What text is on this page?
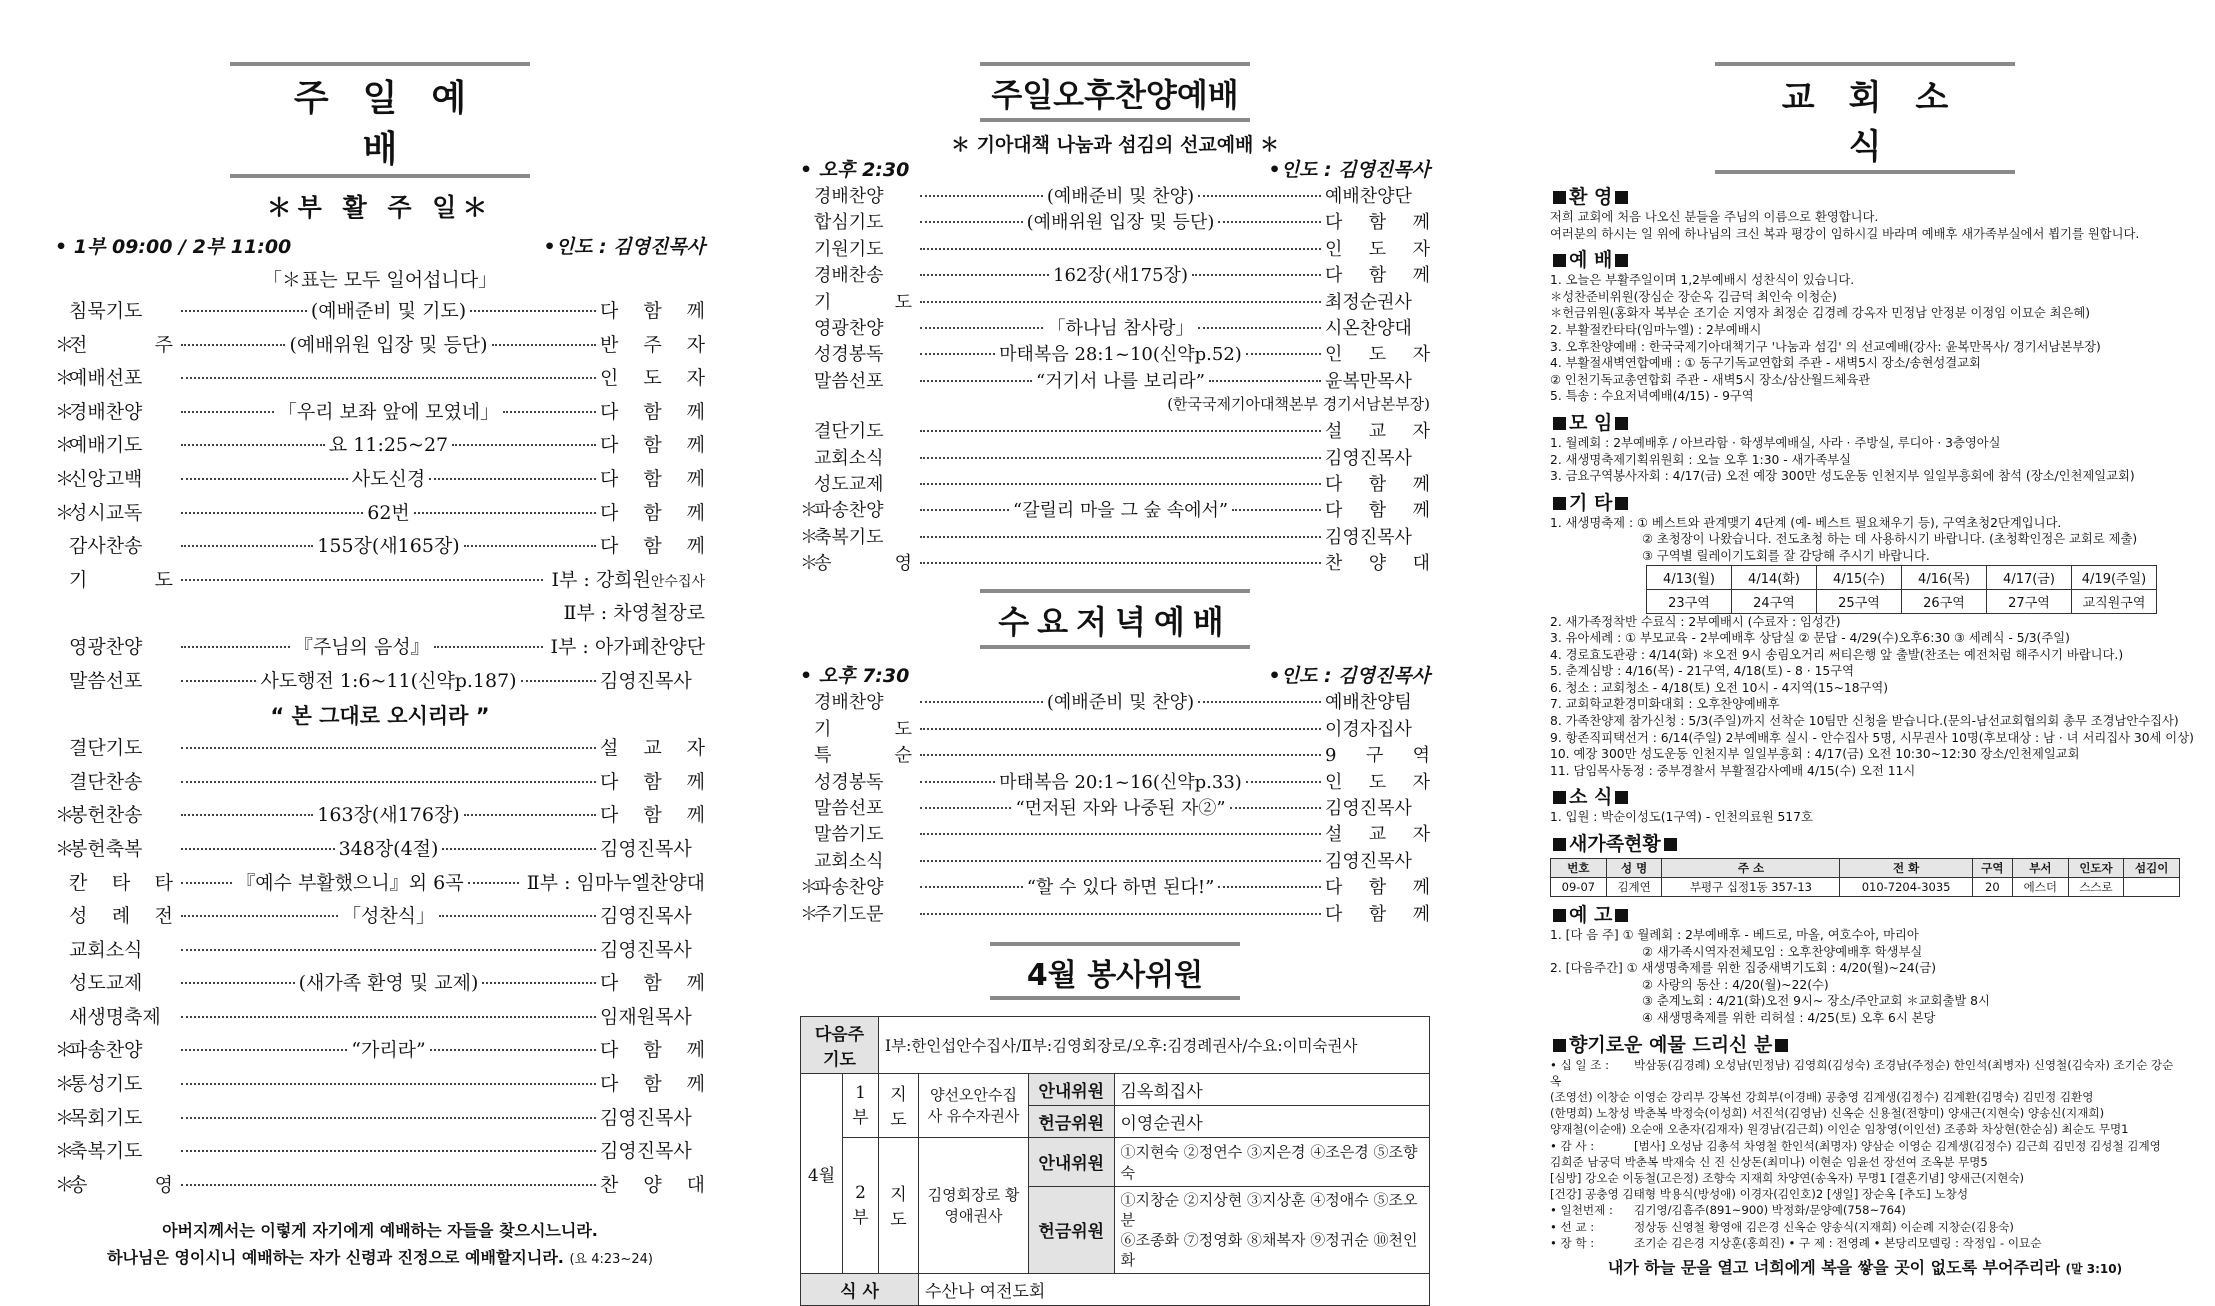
주일예배
＊부 활 주 일＊
• 1부 09:00 / 2부 11:00	•인도 : 김영진목사
「＊표는 모두 일어섭니다」
침묵기도	(예배준비 및 기도)	다 함 께
＊
전 주	(예배위원 입장 및 등단)	반 주 자
＊
예배선포	인 도 자
＊
경배찬양	「우리 보좌 앞에 모였네」	다 함 께
＊
예배기도	요 11:25~27	다 함 께
＊
신앙고백	사도신경	다 함 께
＊
성시교독	62번	다 함 께
감사찬송	155장(새165장)	다 함 께
기 도	Ⅰ부 : 강희원안수집사
Ⅱ부 : 차영철장로
영광찬양	『주님의 음성』	Ⅰ부 : 아가페찬양단
말씀선포	사도행전 1:6~11(신약p.187)	김영진목사
“ 본 그대로 오시리라 ”
결단기도	설 교 자
결단찬송	다 함 께
＊
봉헌찬송	163장(새176장)	다 함 께
＊
봉헌축복	348장(4절)	김영진목사
칸 타 타	『예수 부활했으니』외 6곡	Ⅱ부 : 임마누엘찬양대
성 례 전	「성찬식」	김영진목사
교회소식	김영진목사
성도교제	(새가족 환영 및 교제)	다 함 께
새생명축제	임재원목사
＊
파송찬양	“가리라”	다 함 께
＊
통성기도	다 함 께
＊
목회기도	김영진목사
＊
축복기도	김영진목사
＊
송 영	찬 양 대
아버지께서는 이렇게 자기에게 예배하는 자들을 찾으시느니라.
하나님은 영이시니 예배하는 자가 신령과 진정으로 예배할지니라. (요 4:23~24)
주일오후찬양예배
＊ 기아대책 나눔과 섬김의 선교예배 ＊
• 오후 2:30	•인도 : 김영진목사
경배찬양	(예배준비 및 찬양)	예배찬양단
합심기도	(예배위원 입장 및 등단)	다 함 께
기원기도	인 도 자
경배찬송	162장(새175장)	다 함 께
기 도	최정순권사
영광찬양	「하나님 참사랑」	시온찬양대
성경봉독	마태복음 28:1~10(신약p.52)	인 도 자
말씀선포	“거기서 나를 보리라”	윤복만목사
(한국국제기아대책본부 경기서남본부장)
결단기도	설 교 자
교회소식	김영진목사
성도교제	다 함 께
＊
파송찬양	“갈릴리 마을 그 숲 속에서”	다 함 께
＊
축복기도	김영진목사
＊
송 영	찬 양 대
수요저녁예배
• 오후 7:30	•인도 : 김영진목사
경배찬양	(예배준비 및 찬양)	예배찬양팀
기 도	이경자집사
특 순	9 구 역
성경봉독	마태복음 20:1~16(신약p.33)	인 도 자
말씀선포	“먼저된 자와 나중된 자②”	김영진목사
말씀기도	설 교 자
교회소식	김영진목사
＊
파송찬양	“할 수 있다 하면 된다!”	다 함 께
＊
주기도문	다 함 께
4월 봉사위원
다음주기도	Ⅰ부:한인섭안수집사/Ⅱ부:김영회장로/오후:김경례권사/수요:이미숙권사
4월	1부	지도	양선오안수집사 유수자권사	
안내위원	김옥희집사
헌금위원	이영순권사

2부	지도	김영회장로 황영애권사	
안내위원	①지현숙 ②정연수 ③지은경 ④조은경 ⑤조향숙
헌금위원	①지창순 ②지상현 ③지상훈 ④정애수 ⑤조오분
⑥조종화 ⑦정영화 ⑧채복자 ⑨정귀순 ⑩천인화

식 사	수산나 여전도회
교회소식
환 영
저희 교회에 처음 나오신 분들을 주님의 이름으로 환영합니다.
여러분의 하시는 일 위에 하나님의 크신 복과 평강이 임하시길 바라며 예배후 새가족부실에서 뵙기를 원합니다.
예 배
1. 오늘은 부활주일이며 1,2부예배시 성찬식이 있습니다.
＊성찬준비위원(장심순 장순옥 김금덕 최인숙 이청순)
＊헌금위원(홍화자 복부순 조기순 지영자 최정순 김경례 강옥자 민정남 안정분 이정임 이묘순 최은혜)
2. 부활절칸타타(임마누엘) : 2부예배시
3. 오후찬양예배 : 한국국제기아대책기구 '나눔과 섬김' 의 선교예배(강사: 윤복만목사/ 경기서남본부장)
4. 부활절새벽연합예배 : ① 동구기독교연합회 주관 - 새벽5시 장소/송현성결교회
② 인천기독교총연합회 주관 - 새벽5시 장소/삼산월드체육관
5. 특송 : 수요저녁예배(4/15) - 9구역
모 임
1. 월례회 : 2부예배후 / 아브라함 · 학생부예배실, 사라 · 주방실, 루디아 · 3층영아실
2. 새생명축제기획위원회 : 오늘 오후 1:30 - 새가족부실
3. 금요구역봉사자회 : 4/17(금) 오전 예장 300만 성도운동 인천지부 일일부흥회에 참석 (장소/인천제일교회)
기 타
1. 새생명축제 : ① 베스트와 관계맺기 4단계 (예- 베스트 필요채우기 등), 구역초청2단계입니다.
② 초청장이 나왔습니다. 전도초청 하는 데 사용하시기 바랍니다. (초청확인정은 교회로 제출)
③ 구역별 릴레이기도회를 잘 감당해 주시기 바랍니다.
4/13(월)	4/14(화)	4/15(수)	4/16(목)	4/17(금)	4/19(주일)
23구역	24구역	25구역	26구역	27구역	교직원구역
2. 새가족정착반 수료식 : 2부예배시 (수료자 : 임성간)
3. 유아세례 : ① 부모교육 - 2부예배후 상담실 ② 문답 - 4/29(수)오후6:30 ③ 세례식 - 5/3(주일)
4. 경로효도관광 : 4/14(화) ＊오전 9시 송림오거리 써티은행 앞 출발(찬조는 예전처럼 해주시기 바랍니다.)
5. 춘계심방 : 4/16(목) - 21구역, 4/18(토) - 8 · 15구역
6. 청소 : 교회청소 - 4/18(토) 오전 10시 - 4지역(15~18구역)
7. 교회학교환경미화대회 : 오후찬양예배후
8. 가족찬양제 참가신청 : 5/3(주일)까지 선착순 10팀만 신청을 받습니다.(문의-남선교회협의회 총무 조경남안수집사)
9. 항존직피택선거 : 6/14(주일) 2부예배후 실시 - 안수집사 5명, 시무권사 10명(후보대상 : 남 · 녀 서리집사 30세 이상)
10. 예장 300만 성도운동 인천지부 일일부흥회 : 4/17(금) 오전 10:30~12:30 장소/인천제일교회
11. 담임목사동정 : 중부경찰서 부활절감사예배 4/15(수) 오전 11시
소 식
1. 입원 : 박순이성도(1구역) - 인천의료원 517호
새가족현황
번호	성 명	주 소	전 화	구역	부서	인도자	섬김이
09-07	김계연	부평구 십정1동 357-13	010-7204-3035	20	에스더	스스로	
예 고
1. [다 음 주] ① 월례회 : 2부예배후 - 베드로, 마올, 여호수아, 마리아
② 새가족시역자전체모임 : 오후찬양예배후 학생부실
2. [다음주간] ① 새생명축제를 위한 집중새벽기도회 : 4/20(월)~24(금)
② 사랑의 동산 : 4/20(월)~22(수)
③ 춘계노회 : 4/21(화)오전 9시~ 장소/주안교회 ＊교회출발 8시
④ 새생명축제를 위한 리허설 : 4/25(토) 오후 6시 본당
향기로운 예물 드리신 분
• 십 일 조 : 박삼동(김경례) 오성남(민정남) 김영희(김성숙) 조경남(주정순) 한인석(최병자) 신영철(김숙자) 조기순 강순옥
(조영선) 이창순 이영순 강리부 강복선 강희부(이경배) 공충영 김계생(김정수) 김계환(김명숙) 김민정 김환영
(한명희) 노창성 박춘복 박정숙(이성희) 서진석(김영남) 신옥순 신용철(전향미) 양새근(지현숙) 양송신(지재희)
양재철(이순애) 오순애 오춘자(김재자) 원경남(김근희) 이인순 임창영(이인선) 조종화 차상현(한순심) 최순도 무명1
• 감 사 :	[범사] 오성남 김총석 차영철 한인석(최명자) 양삼순 이영순 김계생(김정수) 김근희 김민정 김성철 김계영
김희준 남궁덕 박춘복 박재숙 신 진 신상돈(최미나) 이현순 임윤선 장선여 조옥분 무명5
[심방] 강오순 이동철(고은정) 조향숙 지재희 차양연(송옥자) 무명1 [결혼기념] 양새근(지현숙)
[건강] 공충영 김태형 박용식(방성애) 이경자(김인호)2 [생일] 장순옥 [추도] 노창성
• 일천번제 : 김기영/김흠주(891~900) 박정화/문양예(758~764)
• 선 교 :	정상동 신영철 황영애 김은경 신옥순 양송식(지재희) 이순례 지창순(김용숙)
• 장 학 :	조기순 김은경 지상훈(홍희진) • 구 제 : 전영례 • 본당리모델링 : 작정입 - 이묘순
내가 하늘 문을 열고 너희에게 복을 쌓을 곳이 없도록 부어주리라 (말 3:10)
